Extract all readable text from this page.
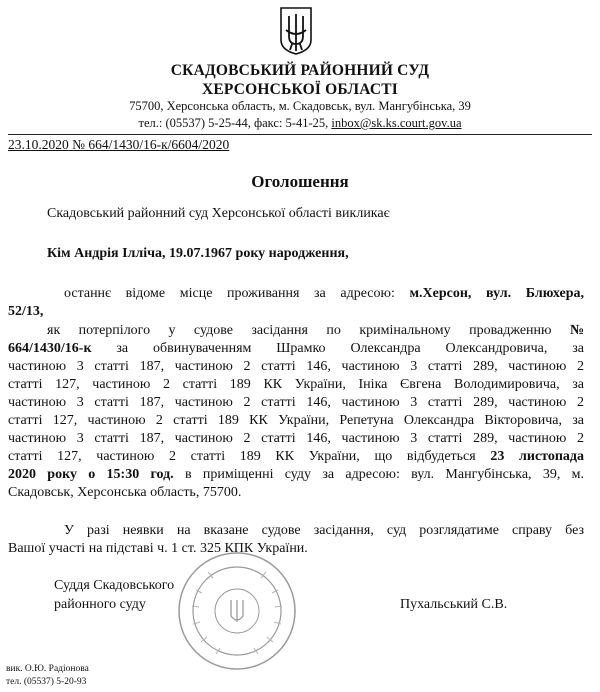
СКАДОВСЬКИЙ РАЙОННИЙ СУД
ХЕРСОНСЬКОЇ ОБЛАСТІ
75700, Херсонська область, м. Скадовськ, вул. Мангубінська, 39
тел.: (05537) 5-25-44, факс: 5-41-25, inbox@sk.ks.court.gov.ua
23.10.2020 № 664/1430/16-к/6604/2020
Оголошення
Скадовський районний суд Херсонської області викликає
Кім Андрія Ілліча, 19.07.1967 року народження,
останнє відоме місце проживання за адресою: м.Херсон, вул. Блюхера,
52/13,
як потерпілого у судове засідання по кримінальному провадженню №
664/1430/16-к за обвинуваченням Шрамко Олександра Олександровича, за
частиною 3 статті 187, частиною 2 статті 146, частиною 3 статті 289, частиною 2
статті 127, частиною 2 статті 189 КК України, Ініка Євгена Володимировича, за
частиною 3 статті 187, частиною 2 статті 146, частиною 3 статті 289, частиною 2
статті 127, частиною 2 статті 189 КК України, Репетуна Олександра Вікторовича, за
частиною 3 статті 187, частиною 2 статті 146, частиною 3 статті 289, частиною 2
статті 127, частиною 2 статті 189 КК України, що відбудеться 23 листопада
2020 року о 15:30 год. в приміщенні суду за адресою: вул. Мангубінська, 39, м.
Скадовськ, Херсонська область, 75700.
У разі неявки на вказане судове засідання, суд розглядатиме справу без
Вашої участі на підставі ч. 1 ст. 325 КПК України.
Суддя Скадовського
районного суду	Пухальський С.В.
вик. О.Ю. Радіонова
тел. (05537) 5-20-93
